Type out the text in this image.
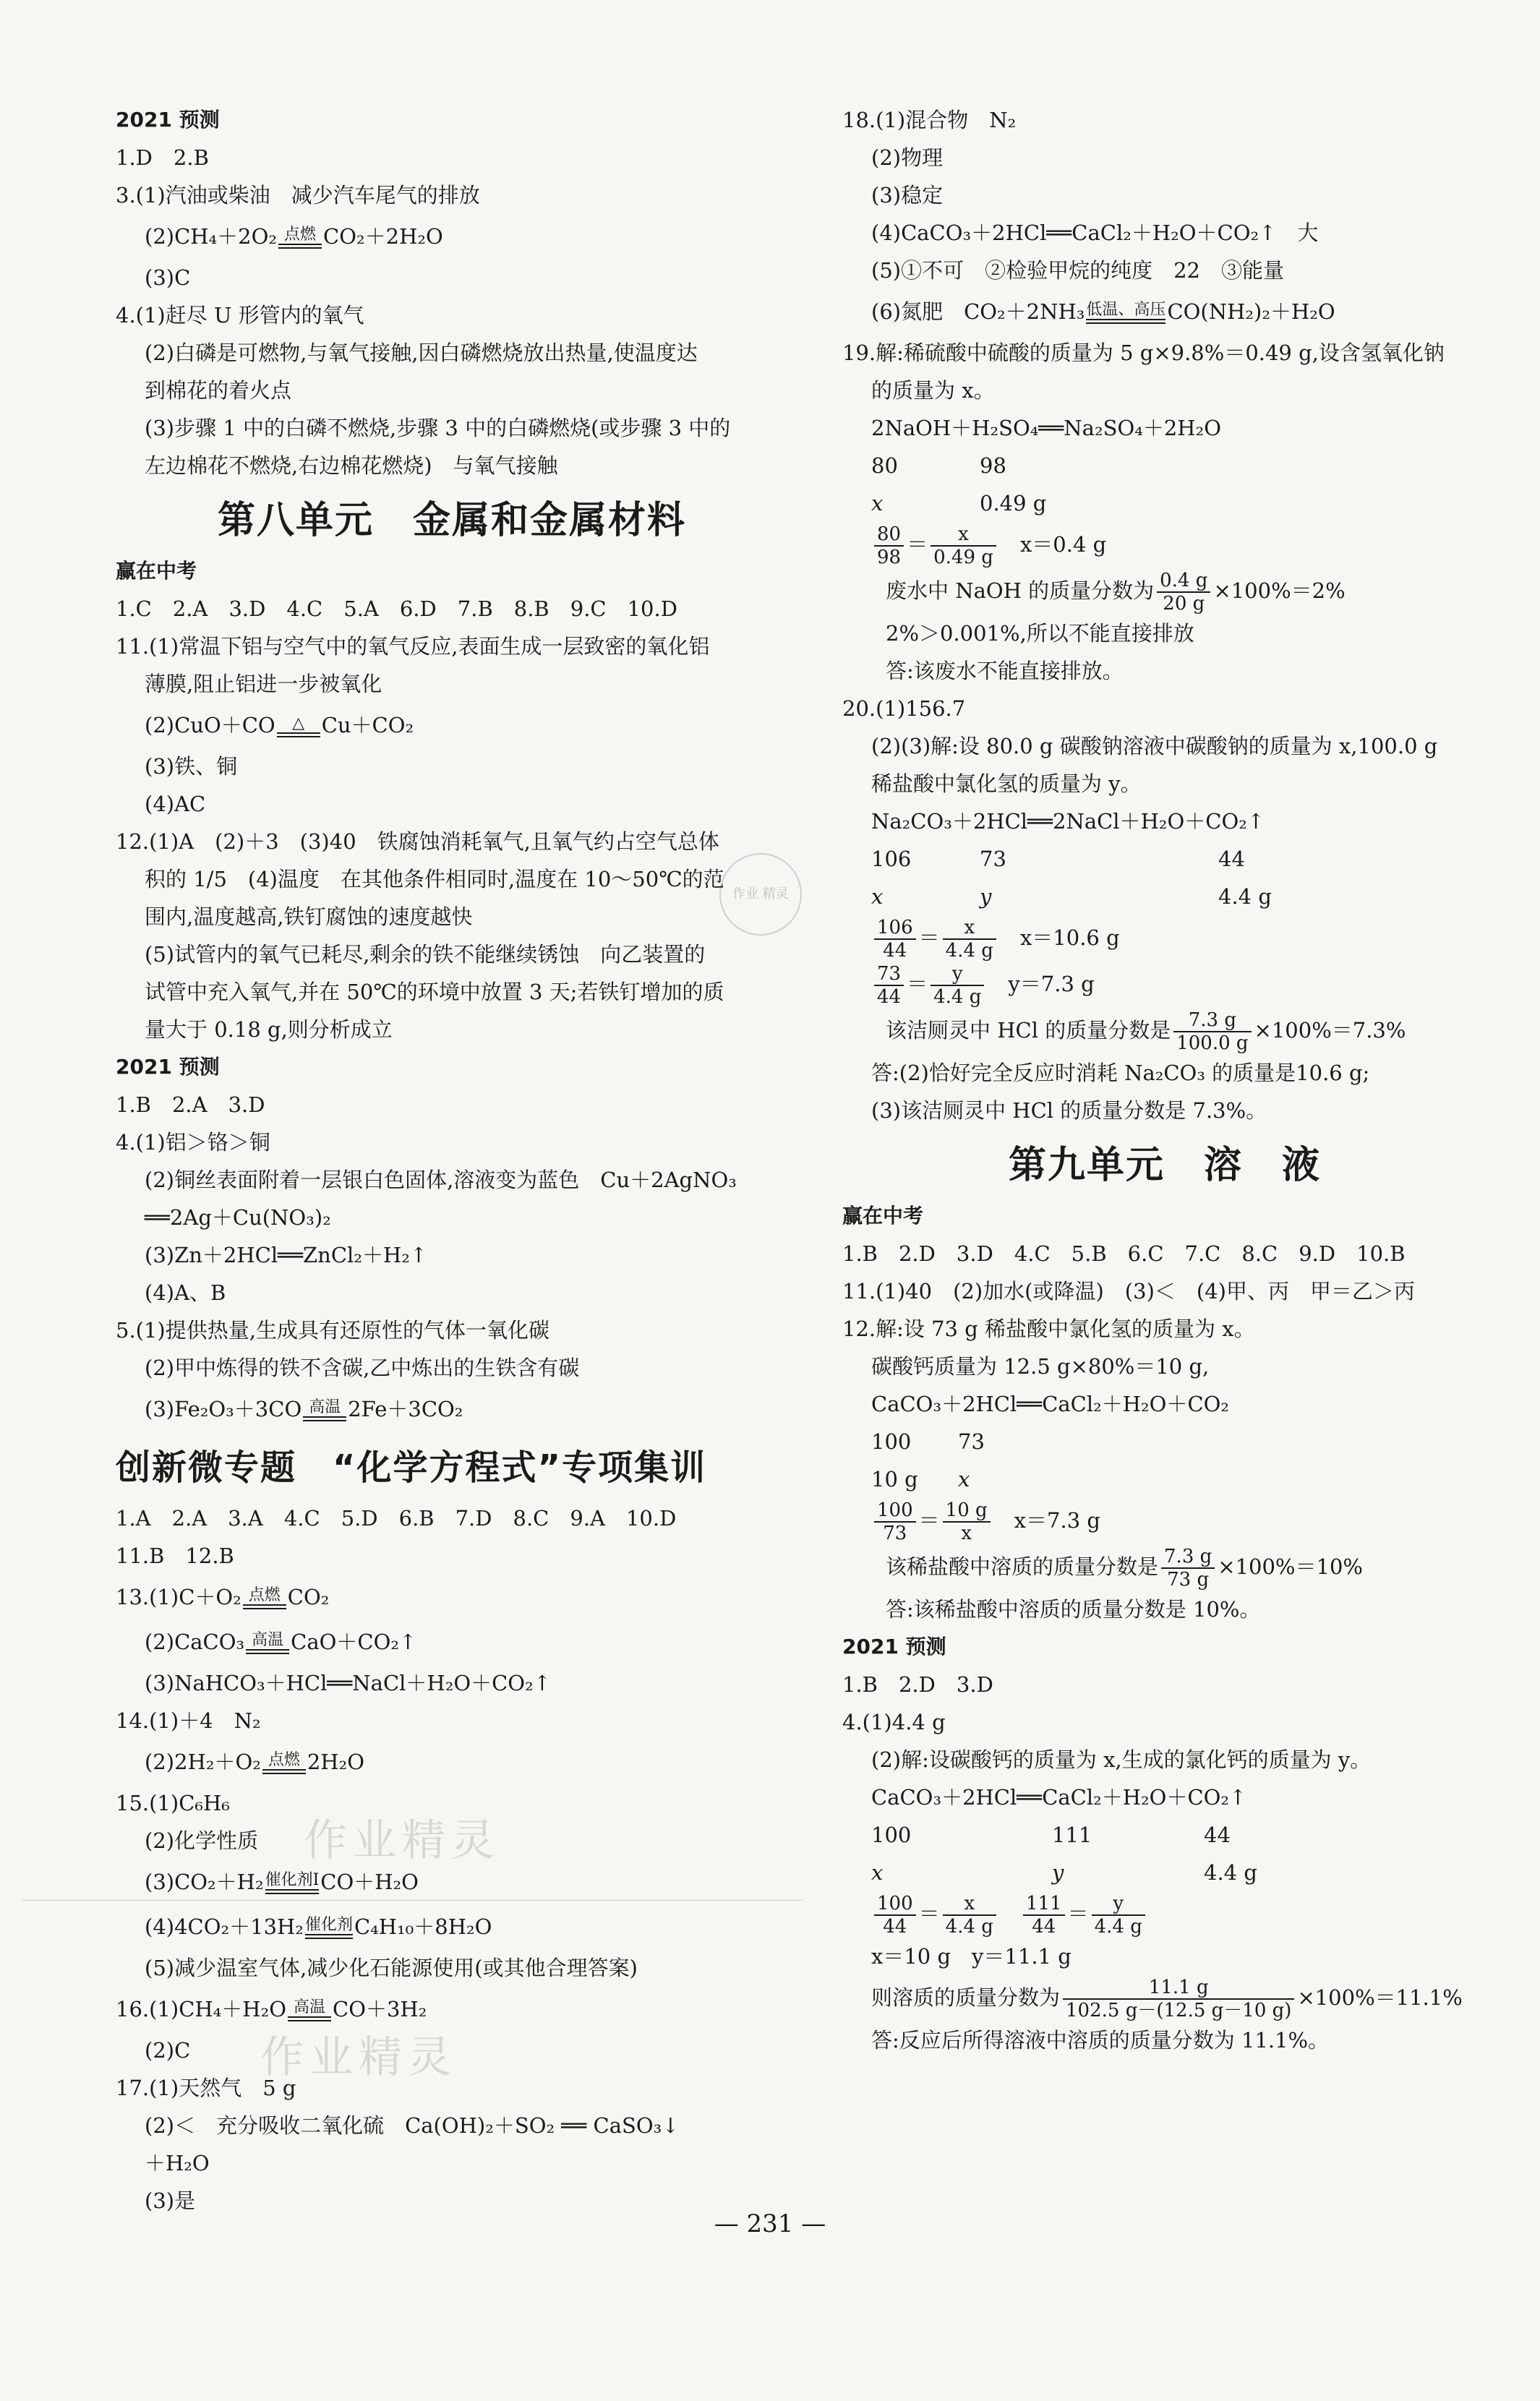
作业精灵
作业精灵
作业 精灵
2021 预测
1.D　2.B
3.(1)汽油或柴油　减少汽车尾气的排放
(2)CH₄＋2O₂ 点燃 CO₂＋2H₂O
(3)C
4.(1)赶尽 U 形管内的氧气
(2)白磷是可燃物,与氧气接触,因白磷燃烧放出热量,使温度达
到棉花的着火点
(3)步骤 1 中的白磷不燃烧,步骤 3 中的白磷燃烧(或步骤 3 中的
左边棉花不燃烧,右边棉花燃烧)　与氧气接触
第八单元　金属和金属材料
赢在中考
1.C　2.A　3.D　4.C　5.A　6.D　7.B　8.B　9.C　10.D
11.(1)常温下铝与空气中的氧气反应,表面生成一层致密的氧化铝
薄膜,阻止铝进一步被氧化
(2)CuO＋CO	△ Cu＋CO₂
(3)铁、铜
(4)AC
12.(1)A　(2)＋3　(3)40　铁腐蚀消耗氧气,且氧气约占空气总体
积的 1/5　(4)温度　在其他条件相同时,温度在 10～50℃的范
围内,温度越高,铁钉腐蚀的速度越快
(5)试管内的氧气已耗尽,剩余的铁不能继续锈蚀　向乙装置的
试管中充入氧气,并在 50℃的环境中放置 3 天;若铁钉增加的质
量大于 0.18 g,则分析成立
2021 预测
1.B　2.A　3.D
4.(1)铝＞铬＞铜
(2)铜丝表面附着一层银白色固体,溶液变为蓝色　Cu＋2AgNO₃
══2Ag＋Cu(NO₃)₂
(3)Zn＋2HCl══ZnCl₂＋H₂↑
(4)A、B
5.(1)提供热量,生成具有还原性的气体一氧化碳
(2)甲中炼得的铁不含碳,乙中炼出的生铁含有碳
(3)Fe₂O₃＋3CO 高温 2Fe＋3CO₂
创新微专题　“化学方程式”专项集训
1.A　2.A　3.A　4.C　5.D　6.B　7.D　8.C　9.A　10.D
11.B　12.B
13.(1)C＋O₂ 点燃 CO₂
(2)CaCO₃ 高温 CaO＋CO₂↑
(3)NaHCO₃＋HCl══NaCl＋H₂O＋CO₂↑
14.(1)＋4　N₂
(2)2H₂＋O₂ 点燃 2H₂O
15.(1)C₆H₆
(2)化学性质
(3)CO₂＋H₂ 催化剂Ⅰ CO＋H₂O
(4)4CO₂＋13H₂ 催化剂 C₄H₁₀＋8H₂O
(5)减少温室气体,减少化石能源使用(或其他合理答案)
16.(1)CH₄＋H₂O 高温 CO＋3H₂
(2)C
17.(1)天然气　5 g
(2)＜　充分吸收二氧化硫　Ca(OH)₂＋SO₂ ══ CaSO₃↓
＋H₂O
(3)是
18.(1)混合物　N₂
(2)物理
(3)稳定
(4)CaCO₃＋2HCl══CaCl₂＋H₂O＋CO₂↑　大
(5)①不可　②检验甲烷的纯度　22　③能量
(6)氮肥　CO₂＋2NH₃ 低温、高压 CO(NH₂)₂＋H₂O
19.解:稀硫酸中硫酸的质量为 5 g×9.8%＝0.49 g,设含氢氧化钠
的质量为 x。
2NaOH＋H₂SO₄══Na₂SO₄＋2H₂O
80	98
x	0.49 g
$\frac{80}{98} = \frac{x}{0.49 g}$
　 x＝0.4 g
废水中 NaOH 的质量分数为 $\frac{0.4 g}{20 g} \times 100\%=2\%$
2%＞0.001%,所以不能直接排放
答:该废水不能直接排放。
20.(1)156.7
(2)(3)解:设 80.0 g 碳酸钠溶液中碳酸钠的质量为 x,100.0 g
稀盐酸中氯化氢的质量为 y。
Na₂CO₃＋2HCl══2NaCl＋H₂O＋CO₂↑
106	73	44
x	y	4.4 g
$\frac{106}{44} = \frac{x}{4.4 g}$
　 x＝10.6 g
$\frac{73}{44} = \frac{y}{4.4 g}$
　 y＝7.3 g
该洁厕灵中 HCl 的质量分数是 $\frac{7.3 g}{100.0 g} \times 100\%=7.3\%$
答:(2)恰好完全反应时消耗 Na₂CO₃ 的质量是10.6 g;
(3)该洁厕灵中 HCl 的质量分数是 7.3%。
第九单元　溶　液
赢在中考
1.B　2.D　3.D　4.C　5.B　6.C　7.C　8.C　9.D　10.B
11.(1)40　(2)加水(或降温)　(3)＜　(4)甲、丙　甲＝乙＞丙
12.解:设 73 g 稀盐酸中氯化氢的质量为 x。
碳酸钙质量为 12.5 g×80%＝10 g,
CaCO₃＋2HCl══CaCl₂＋H₂O＋CO₂
100 73
10 g x
$\frac{100}{73} = \frac{10 g}{x}$
　 x＝7.3 g
该稀盐酸中溶质的质量分数是 $\frac{7.3 g}{73 g} \times 100\%=10\%$
答:该稀盐酸中溶质的质量分数是 10%。
2021 预测
1.B　2.D　3.D
4.(1)4.4 g
(2)解:设碳酸钙的质量为 x,生成的氯化钙的质量为 y。
CaCO₃＋2HCl══CaCl₂＋H₂O＋CO₂↑
100	111	44
x	y	4.4 g
$\frac{100}{44} = \frac{x}{4.4 g}$
　 $\frac{111}{44} = \frac{y}{4.4 g}$
x＝10 g　y＝11.1 g
则溶质的质量分数为 $\frac{11.1 g}{102.5 g-(12.5 g-10 g)} \times 100\%=11.1\%$
答:反应后所得溶液中溶质的质量分数为 11.1%。
— 231 —
